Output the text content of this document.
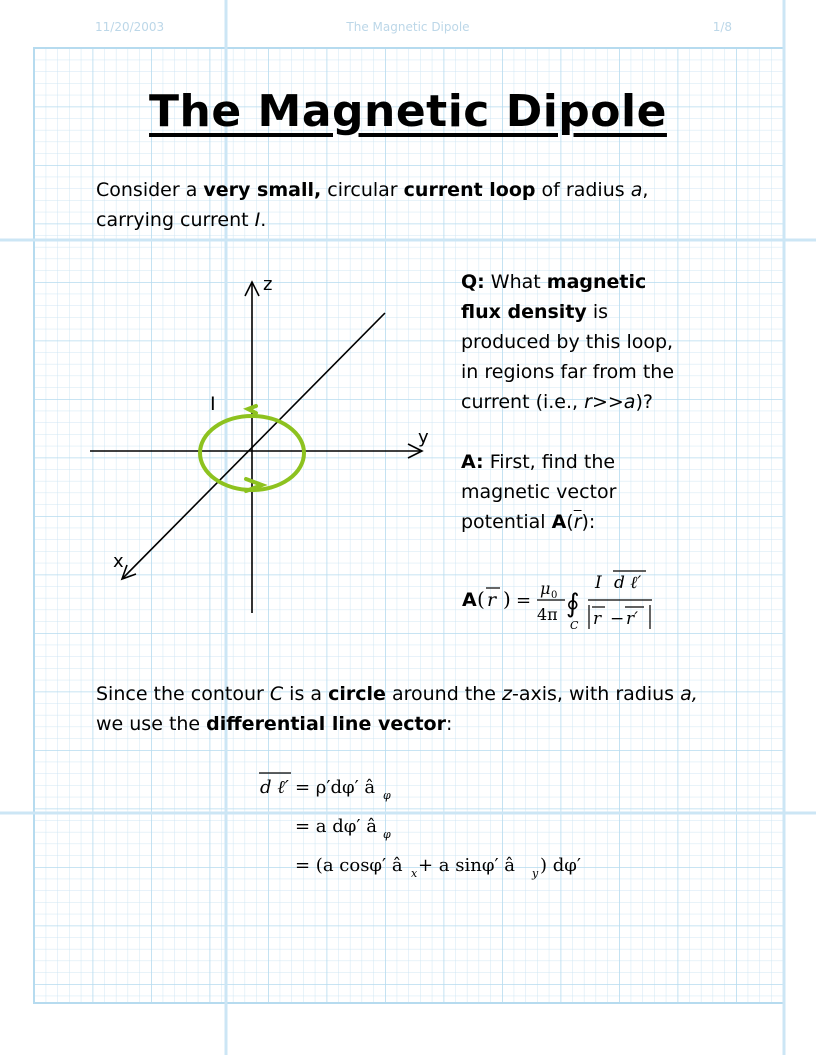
11/20/2003	The Magnetic Dipole	1/8
The Magnetic Dipole

Consider a very small, circular current loop of radius a,
carrying current I.

z
y
x
I

Q: What magnetic
flux density is
produced by this loop,
in regions far from the
current (i.e., r>>a)?

A: First, find the
magnetic vector
potential $A(\overline{r})$:

A ( r ) =
μ 0
4π ∮
C
I d ℓ′
r − r′

Since the contour C is a circle around the z-axis, with radius a,
we use the differential line vector:

d ℓ′ = ρ′dφ′ â φ
= a dφ′ â φ
= (a cosφ′ â x + a sinφ′ â y ) dφ′
